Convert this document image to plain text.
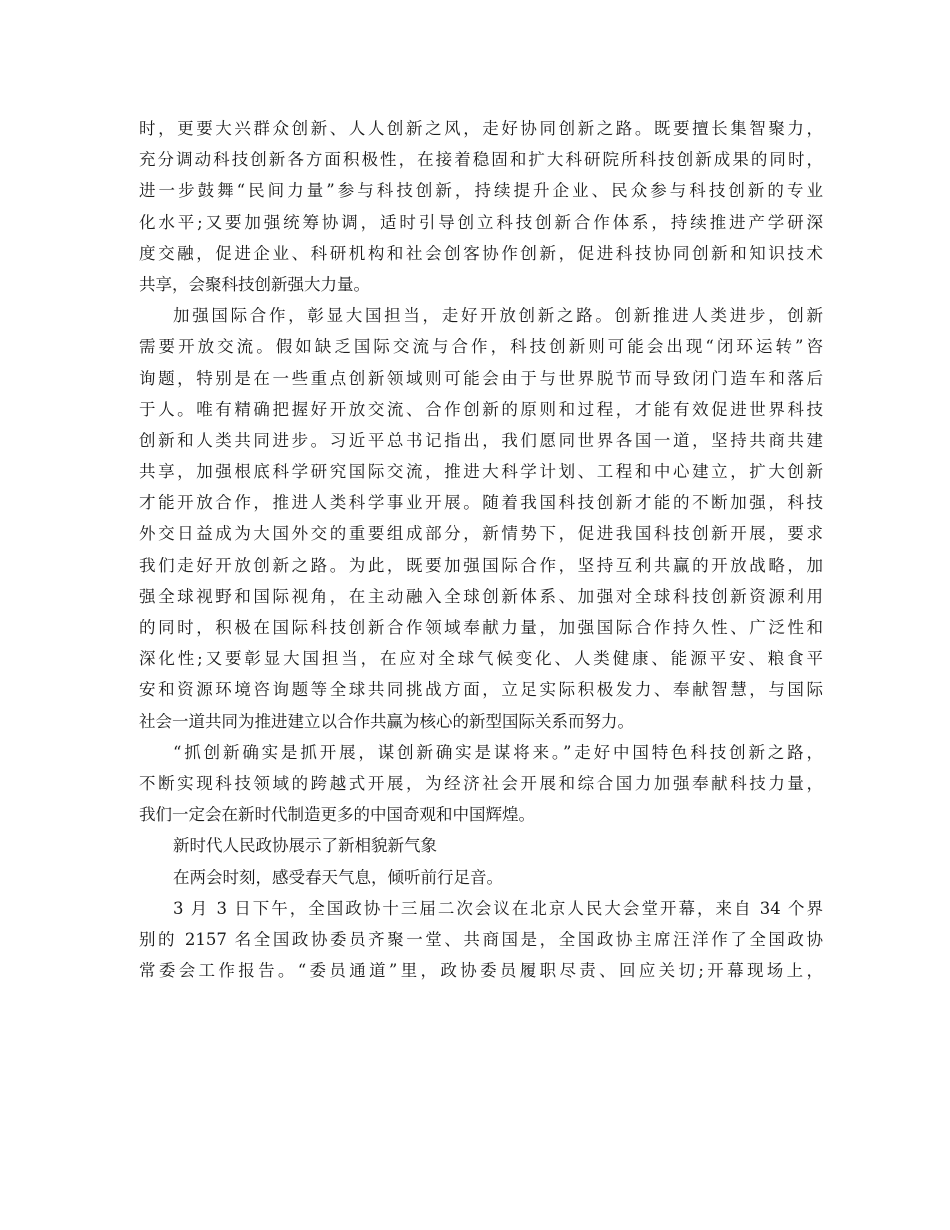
时，更要大兴群众创新、人人创新之风，走好协同创新之路。既要擅长集智聚力，
充分调动科技创新各方面积极性，在接着稳固和扩大科研院所科技创新成果的同时，
进一步鼓舞“民间力量”参与科技创新，持续提升企业、民众参与科技创新的专业
化水平;又要加强统筹协调，适时引导创立科技创新合作体系，持续推进产学研深
度交融，促进企业、科研机构和社会创客协作创新，促进科技协同创新和知识技术
共享，会聚科技创新强大力量。
加强国际合作，彰显大国担当，走好开放创新之路。创新推进人类进步，创新
需要开放交流。假如缺乏国际交流与合作，科技创新则可能会出现“闭环运转”咨
询题，特别是在一些重点创新领域则可能会由于与世界脱节而导致闭门造车和落后
于人。唯有精确把握好开放交流、合作创新的原则和过程，才能有效促进世界科技
创新和人类共同进步。习近平总书记指出，我们愿同世界各国一道，坚持共商共建
共享，加强根底科学研究国际交流，推进大科学计划、工程和中心建立，扩大创新
才能开放合作，推进人类科学事业开展。随着我国科技创新才能的不断加强，科技
外交日益成为大国外交的重要组成部分，新情势下，促进我国科技创新开展，要求
我们走好开放创新之路。为此，既要加强国际合作，坚持互利共赢的开放战略，加
强全球视野和国际视角，在主动融入全球创新体系、加强对全球科技创新资源利用
的同时，积极在国际科技创新合作领域奉献力量，加强国际合作持久性、广泛性和
深化性;又要彰显大国担当，在应对全球气候变化、人类健康、能源平安、粮食平
安和资源环境咨询题等全球共同挑战方面，立足实际积极发力、奉献智慧，与国际
社会一道共同为推进建立以合作共赢为核心的新型国际关系而努力。
“抓创新确实是抓开展，谋创新确实是谋将来。”走好中国特色科技创新之路，
不断实现科技领域的跨越式开展，为经济社会开展和综合国力加强奉献科技力量，
我们一定会在新时代制造更多的中国奇观和中国辉煌。
新时代人民政协展示了新相貌新气象
在两会时刻，感受春天气息，倾听前行足音。
3 月 3 日下午，全国政协十三届二次会议在北京人民大会堂开幕，来自 34 个界
别的 2157 名全国政协委员齐聚一堂、共商国是，全国政协主席汪洋作了全国政协
常委会工作报告。“委员通道”里，政协委员履职尽责、回应关切;开幕现场上，
